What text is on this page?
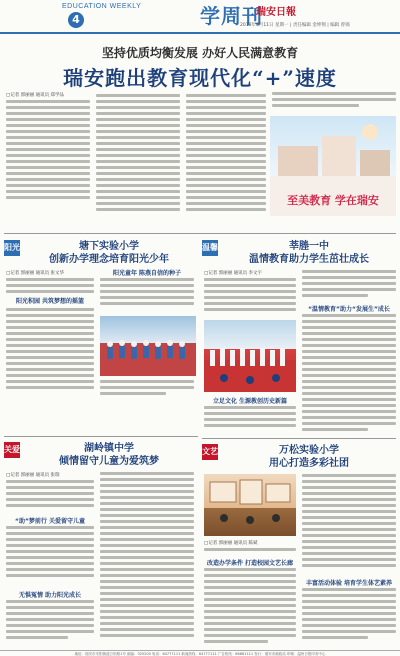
EDUCATION WEEKLY
4	学周刊
瑞安日報
2018年6月11日 星期一 | 责任编辑 金坤翔 | 编辑 曾锦
坚持优质均衡发展 办好人民满意教育
瑞安跑出教育现代化“+”速度
□记者 郭丽丽 通讯员 郑学品
至美教育 学在瑞安
阳光	塘下实验小学
创新办学理念培育阳光少年
□记者 郭丽丽 通讯员 张文华
阳光积园 共筑梦想的摇篮
阳光童年 陈燕自信的种子
温馨	莘塍一中
温情教育助力学生茁壮成长
□记者 郭丽丽 通讯员 李文宇
立足文化 生源教创历史新篇
“温情教育”助力“发展生”成长
关爱	湖岭镇中学
倾情留守儿童为爱筑梦
□记者 郭丽丽 通讯员 张瑞
“助”梦前行 关爱留守儿童
无惧冤情 助力阳光成长
文艺	万松实验小学
用心打造多彩社团
□记者 郭丽丽 通讯员 陈斌
改造办学条件 打造校园文艺长廊
丰富活动体验 培育学生体艺素养
地址：瑞安市安阳街道万松路1号 邮编：325200 电话：64777111 新闻热线：64777111 广告热线：66881111 发行：瑞安市邮政局 印刷：温州日报印务中心
